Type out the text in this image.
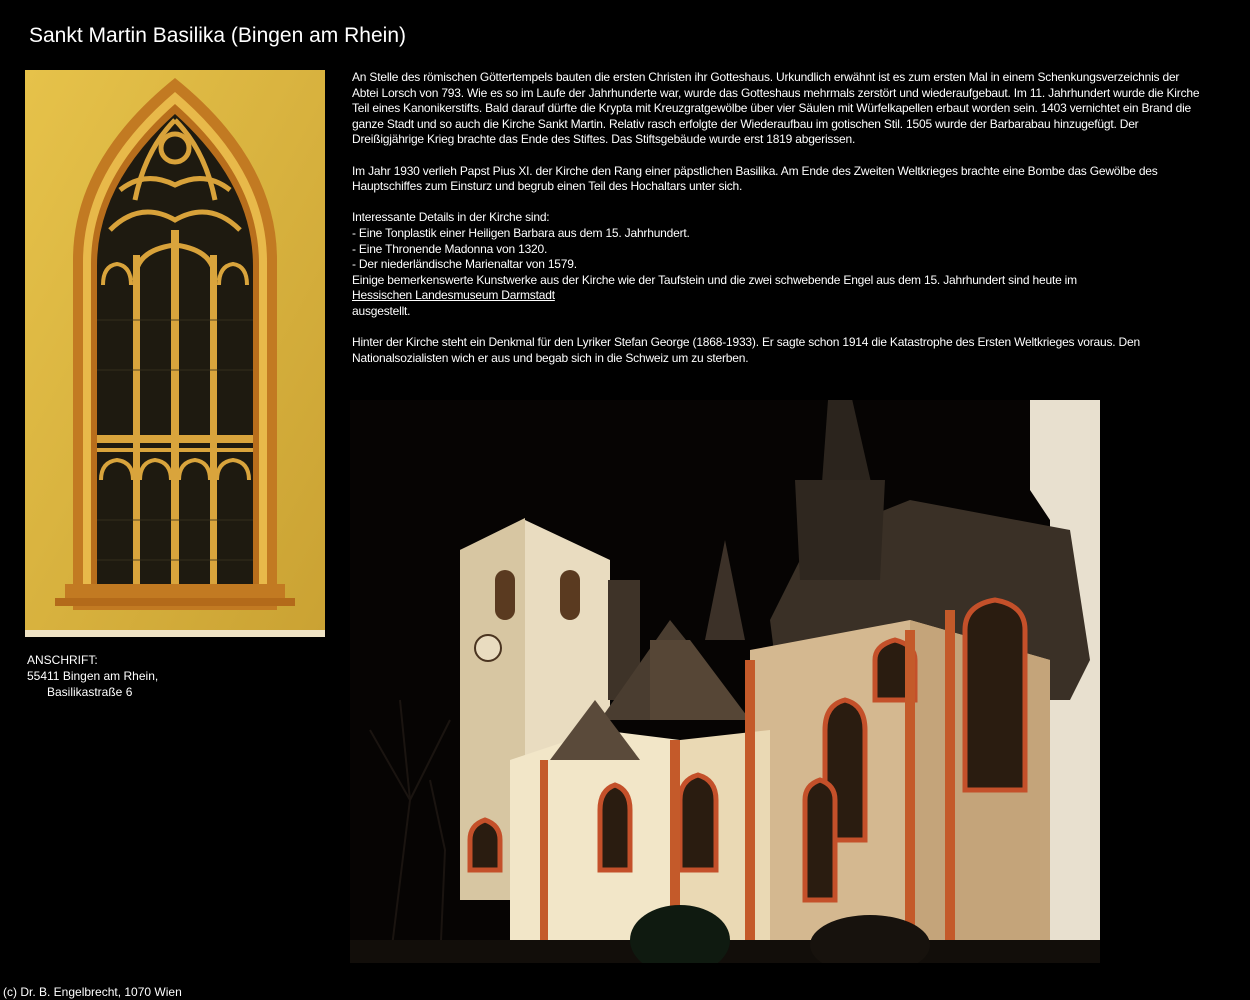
Sankt Martin Basilika (Bingen am Rhein)
ANSCHRIFT:
55411 Bingen am Rhein,
Basilikastraße 6

An Stelle des römischen Göttertempels bauten die ersten Christen ihr Gotteshaus. Urkundlich erwähnt ist es zum ersten Mal in einem Schenkungsverzeichnis der Abtei Lorsch von 793. Wie es so im Laufe der Jahrhunderte war, wurde das Gotteshaus mehrmals zerstört und wiederaufgebaut. Im 11. Jahrhundert wurde die Kirche Teil eines Kanonikerstifts. Bald darauf dürfte die Krypta mit Kreuzgratgewölbe über vier Säulen mit Würfelkapellen erbaut worden sein. 1403 vernichtet ein Brand die ganze Stadt und so auch die Kirche Sankt Martin. Relativ rasch erfolgte der Wiederaufbau im gotischen Stil. 1505 wurde der Barbarabau hinzugefügt. Der Dreißigjährige Krieg brachte das Ende des Stiftes. Das Stiftsgebäude wurde erst 1819 abgerissen.

Im Jahr 1930 verlieh Papst Pius XI. der Kirche den Rang einer päpstlichen Basilika. Am Ende des Zweiten Weltkrieges brachte eine Bombe das Gewölbe des Hauptschiffes zum Einsturz und begrub einen Teil des Hochaltars unter sich.

Interessante Details in der Kirche sind:
- Eine Tonplastik einer Heiligen Barbara aus dem 15. Jahrhundert.
- Eine Thronende Madonna von 1320.
- Der niederländische Marienaltar von 1579.
Einige bemerkenswerte Kunstwerke aus der Kirche wie der Taufstein und die zwei schwebende Engel aus dem 15. Jahrhundert sind heute im
Hessischen Landesmuseum Darmstadt
ausgestellt.

Hinter der Kirche steht ein Denkmal für den Lyriker Stefan George (1868-1933). Er sagte schon 1914 die Katastrophe des Ersten Weltkrieges voraus. Den Nationalsozialisten wich er aus und begab sich in die Schweiz um zu sterben.

(c) Dr. B. Engelbrecht, 1070 Wien
